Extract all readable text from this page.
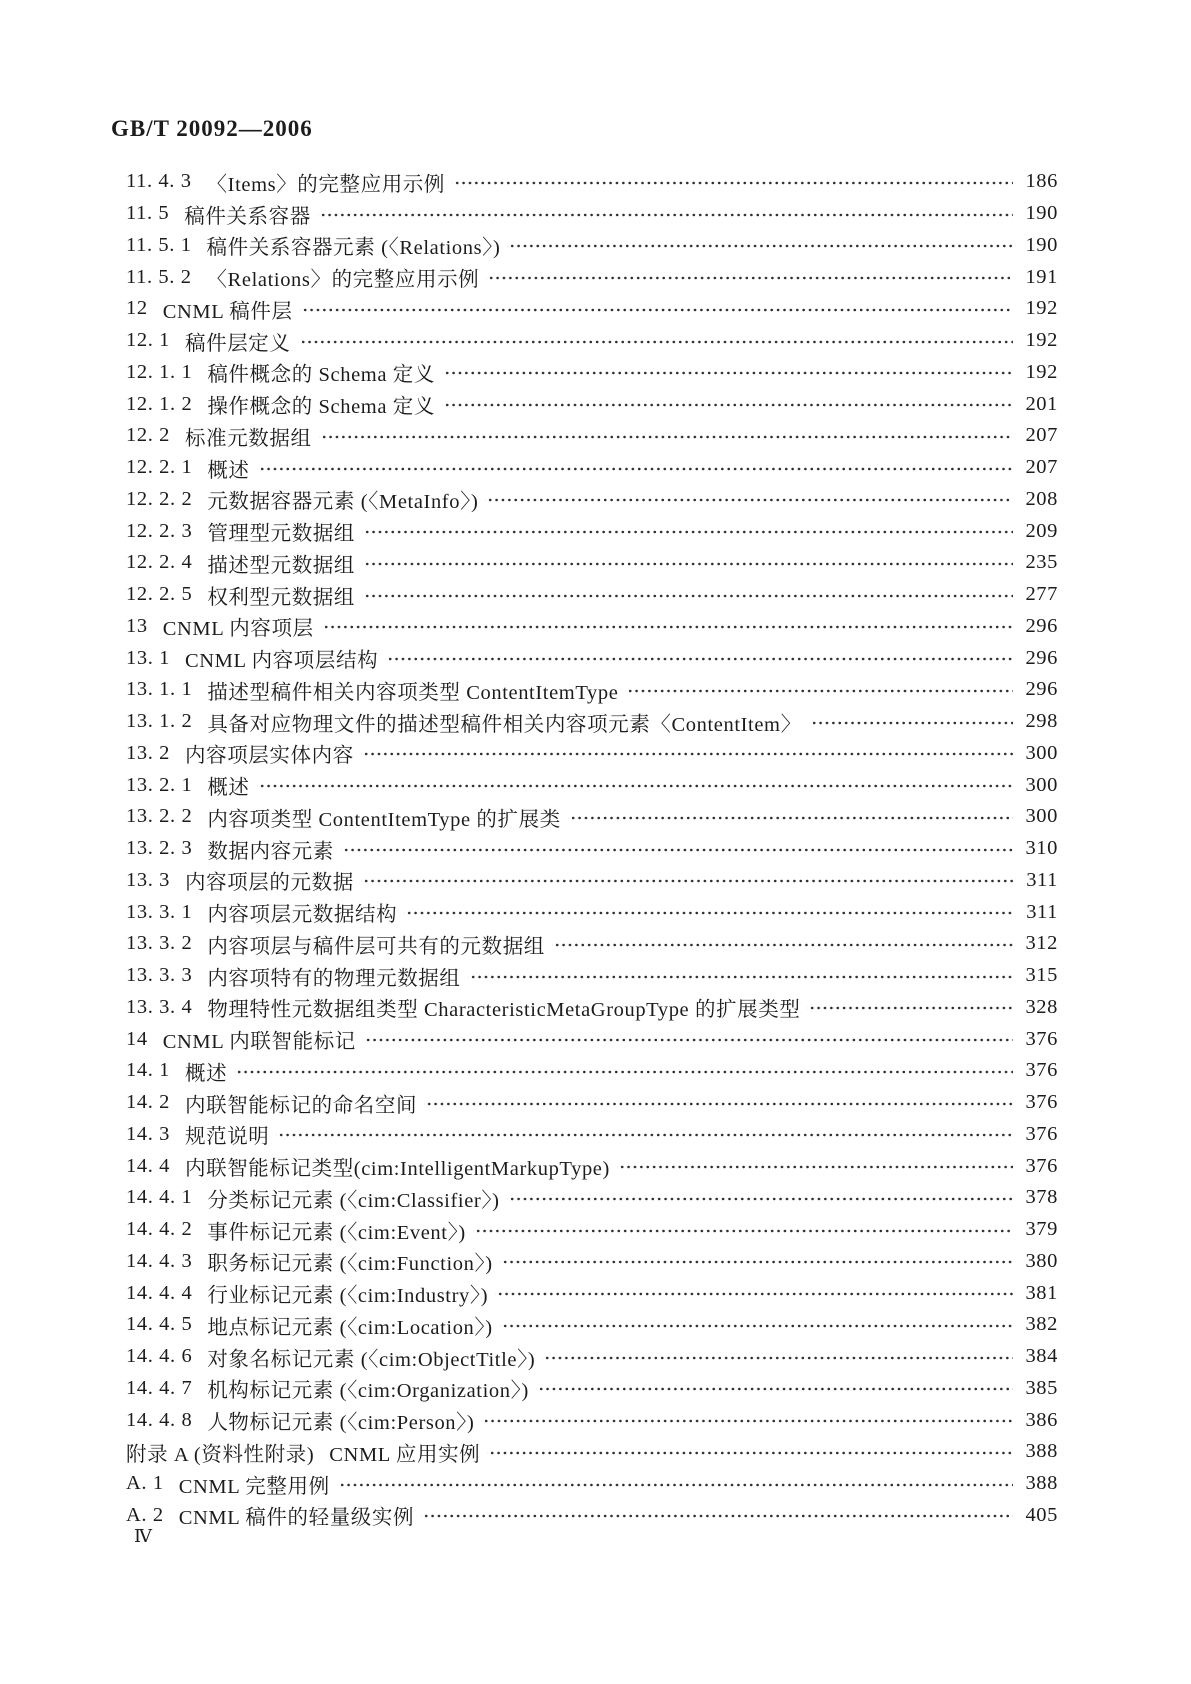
GB/T 20092—2006
11. 4. 3 〈Items〉的完整应用示例	186
11. 5 稿件关系容器	190
11. 5. 1 稿件关系容器元素 (〈Relations〉)	190
11. 5. 2 〈Relations〉的完整应用示例	191
12 CNML 稿件层	192
12. 1 稿件层定义	192
12. 1. 1 稿件概念的 Schema 定义	192
12. 1. 2 操作概念的 Schema 定义	201
12. 2 标准元数据组	207
12. 2. 1 概述	207
12. 2. 2 元数据容器元素 (〈MetaInfo〉)	208
12. 2. 3 管理型元数据组	209
12. 2. 4 描述型元数据组	235
12. 2. 5 权利型元数据组	277
13 CNML 内容项层	296
13. 1 CNML 内容项层结构	296
13. 1. 1 描述型稿件相关内容项类型 ContentItemType	296
13. 1. 2 具备对应物理文件的描述型稿件相关内容项元素〈ContentItem〉	298
13. 2 内容项层实体内容	300
13. 2. 1 概述	300
13. 2. 2 内容项类型 ContentItemType 的扩展类	300
13. 2. 3 数据内容元素	310
13. 3 内容项层的元数据	311
13. 3. 1 内容项层元数据结构	311
13. 3. 2 内容项层与稿件层可共有的元数据组	312
13. 3. 3 内容项特有的物理元数据组	315
13. 3. 4 物理特性元数据组类型 CharacteristicMetaGroupType 的扩展类型	328
14 CNML 内联智能标记	376
14. 1 概述	376
14. 2 内联智能标记的命名空间	376
14. 3 规范说明	376
14. 4 内联智能标记类型(cim:IntelligentMarkupType)	376
14. 4. 1 分类标记元素 (〈cim:Classifier〉)	378
14. 4. 2 事件标记元素 (〈cim:Event〉)	379
14. 4. 3 职务标记元素 (〈cim:Function〉)	380
14. 4. 4 行业标记元素 (〈cim:Industry〉)	381
14. 4. 5 地点标记元素 (〈cim:Location〉)	382
14. 4. 6 对象名标记元素 (〈cim:ObjectTitle〉)	384
14. 4. 7 机构标记元素 (〈cim:Organization〉)	385
14. 4. 8 人物标记元素 (〈cim:Person〉)	386
附录 A (资料性附录) CNML 应用实例	388
A. 1 CNML 完整用例	388
A. 2 CNML 稿件的轻量级实例	405
Ⅳ
